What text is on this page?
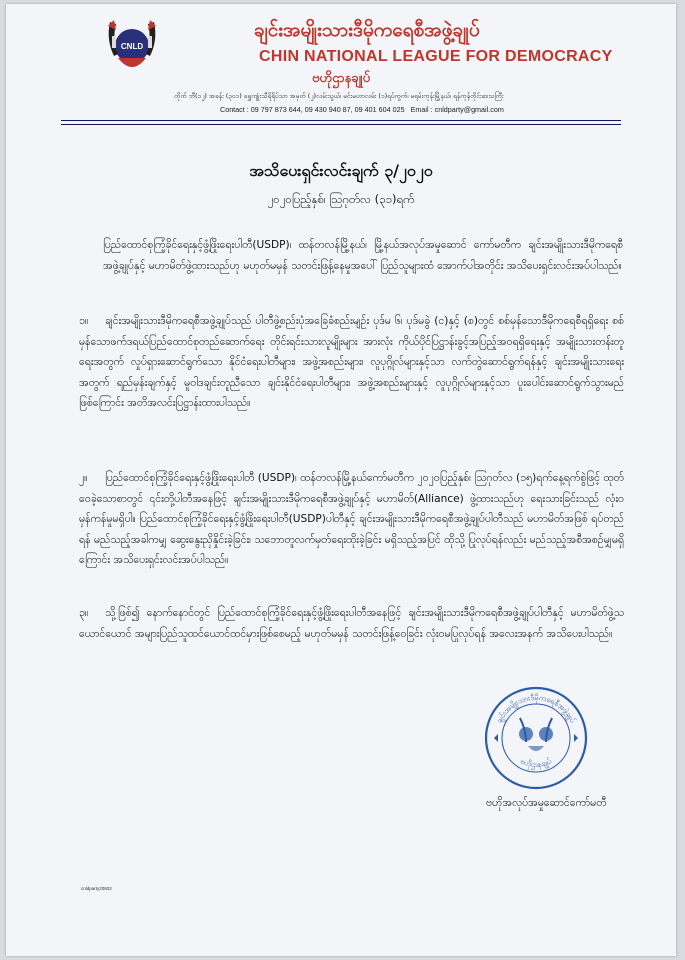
CNLD
ချင်းအမျိုးသားဒီမိုကရေစီအဖွဲ့ချုပ်
CHIN NATIONAL LEAGUE FOR DEMOCRACY
ဗဟိုဌာနချုပ်
တိုက် ဘီ(၁၂) အခန်း (၃၀၁) ရွှေကျုံးသီရိရိပ်သာ အမှတ် (၂)လမ်းသွယ်၊ မင်းမဟာလမ်း (၁)ရပ်ကွက်၊ မရမ်းကုန်းမြို့နယ်၊ ရန်ကုန်တိုင်းဒေသကြီး
Contact : 09 797 873 644, 09 430 940 87, 09 401 604 025 Email : cnldparty@gmail.com
အသိပေးရှင်းလင်းချက် ၃/၂၀၂၀
၂၀၂၀ပြည့်နှစ်၊ ဩဂုတ်လ (၃၁)ရက်
ပြည်ထောင်စုကြံ့ခိုင်ရေးနှင့်ဖွံ့ဖြိုးရေးပါတီ(USDP)၊ ထန်တလန်မြို့နယ်၊ မြို့နယ်အလုပ်အမှုဆောင် ကော်မတီက ချင်းအမျိုးသားဒီမိုကရေစီအဖွဲ့ချုပ်နှင့် မဟာမိတ်ဖွဲ့ထားသည်ဟု မဟုတ်မမှန် သတင်းဖြန့်နေမှုအပေါ် ပြည်သူများထံ အောက်ပါအတိုင်း အသိပေးရှင်းလင်းအပ်ပါသည်။
၁။ ချင်းအမျိုးသားဒီမိုကရေစီအဖွဲ့ချုပ်သည် ပါတီဖွဲ့စည်းပုံအခြေခံစည်းမျဉ်း ပုဒ်မ ၆၊ ပုဒ်မခွဲ (င)နှင့် (စ)တွင် စစ်မှန်သောဒီမိုကရေစီရရှိရေး စစ်မှန်သောဖက်ဒရယ်ပြည်ထောင်စုတည်ဆောက်ရေး တိုင်းရင်းသားလူမျိုးများ အားလုံး ကိုယ်ပိုင်ပြဋ္ဌာန်းခွင့်အပြည့်အဝရရှိရေးနှင့် အမျိုးသားတန်းတူရေးအတွက် လှုပ်ရှားဆောင်ရွက်သော နိုင်ငံရေးပါတီများ၊ အဖွဲ့အစည်းများ၊ လူပုဂ္ဂိုလ်များနှင့်သာ လက်တွဲဆောင်ရွက်ရန်နှင့် ချင်းအမျိုးသားရေးအတွက် ရည်မှန်းချက်နှင့် မူဝါဒချင်းတူညီသော ချင်းနိုင်ငံရေးပါတီများ၊ အဖွဲ့အစည်းများနှင့် လူပုဂ္ဂိုလ်များနှင့်သာ ပူးပေါင်းဆောင်ရွက်သွားမည်ဖြစ်ကြောင်း အတိအလင်းပြဋ္ဌာန်းထားပါသည်။
၂။ ပြည်ထောင်စုကြံ့ခိုင်ရေးနှင့်ဖွံ့ဖြိုးရေးပါတီ (USDP)၊ ထန်တလန်မြို့နယ်ကော်မတီက ၂၀၂၀ပြည့်နှစ်၊ ဩဂုတ်လ (၁၅)ရက်နေ့ရက်စွဲဖြင့် ထုတ်ဝေခဲ့သောစာတွင် ၎င်းတို့ပါတီအနေဖြင့် ချင်းအမျိုးသားဒီမိုကရေစီအဖွဲ့ချုပ်နှင့် မဟာမိတ်(Alliance) ဖွဲ့ထားသည်ဟု ရေးသားခြင်းသည် လုံးဝမှန်ကန်မှုမရှိပါ။ ပြည်ထောင်စုကြံ့ခိုင်ရေးနှင့်ဖွံ့ဖြိုးရေးပါတီ(USDP)ပါတီနှင့် ချင်းအမျိုးသားဒီမိုကရေစီအဖွဲ့ချုပ်ပါတီသည် မဟာမိတ်အဖြစ် ရပ်တည်ရန် မည်သည့်အခါကမျှ ဆွေးနွေးညှိနှိုင်းခဲ့ခြင်း၊ သဘောတူလက်မှတ်ရေးထိုးခဲ့ခြင်း မရှိသည့်အပြင် ထိုသို့ ပြုလုပ်ရန်လည်း မည်သည့်အစီအစဉ်မျှမရှိကြောင်း အသိပေးရှင်းလင်းအပ်ပါသည်။
၃။ သို့ဖြစ်၍ နောက်နောင်တွင် ပြည်ထောင်စုကြံ့ခိုင်ရေးနှင့်ဖွံ့ဖြိုးရေးပါတီအနေဖြင့် ချင်းအမျိုးသားဒီမိုကရေစီအဖွဲ့ချုပ်ပါတီနှင့် မဟာမိတ်ဖွဲ့သယောင်ယောင် အများပြည်သူထင်ယောင်ထင်မှားဖြစ်စေမည့် မဟုတ်မမှန် သတင်းဖြန့်ဝေခြင်း လုံးဝမပြုလုပ်ရန် အလေးအနက် အသိပေးပါသည်။
ချင်းအမျိုးသားဒီမိုကရေစီအဖွဲ့ချုပ်
ဗဟိုဌာနချုပ်
ဗဟိုအလုပ်အမှုဆောင်ကော်မတီ
cnldparty20802
